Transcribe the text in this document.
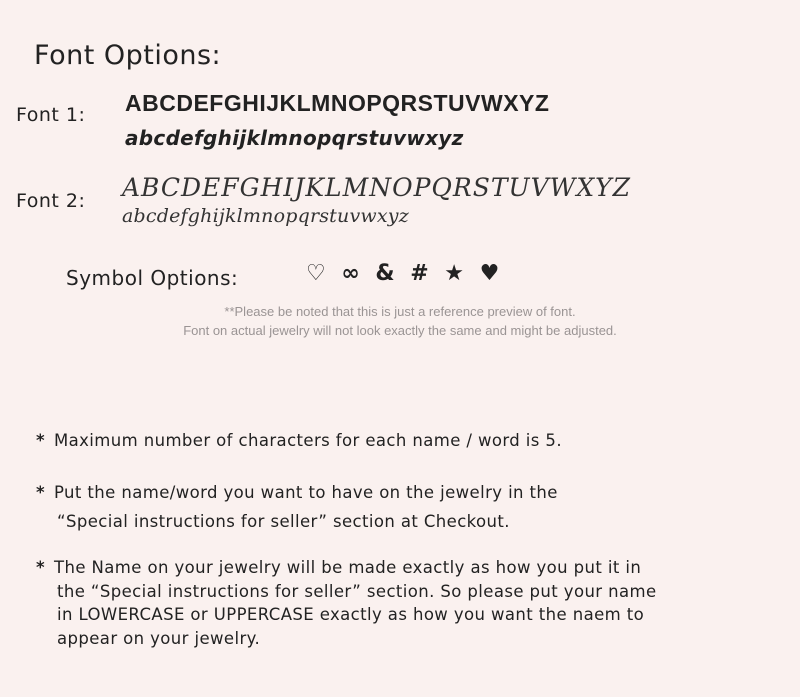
Font Options:
Font 1: ABCDEFGHIJKLMNOPQRSTUVWXYZ
abcdefghijklmnopqrstuvwxyz
Font 2: ABCDEFGHIJKLMNOPQRSTUVWXYZ
abcdefghijklmnopqrstuvwxyz
Symbol Options:	♡ ∞ & # ★ ♥
**Please be noted that this is just a reference preview of font.
Font on actual jewelry will not look exactly the same and might be adjusted.
* Maximum number of characters for each name / word is 5.
* Put the name/word you want to have on the jewelry in the
“Special instructions for seller” section at Checkout.
* The Name on your jewelry will be made exactly as how you put it in
the “Special instructions for seller” section. So please put your name
in LOWERCASE or UPPERCASE exactly as how you want the naem to
appear on your jewelry.
